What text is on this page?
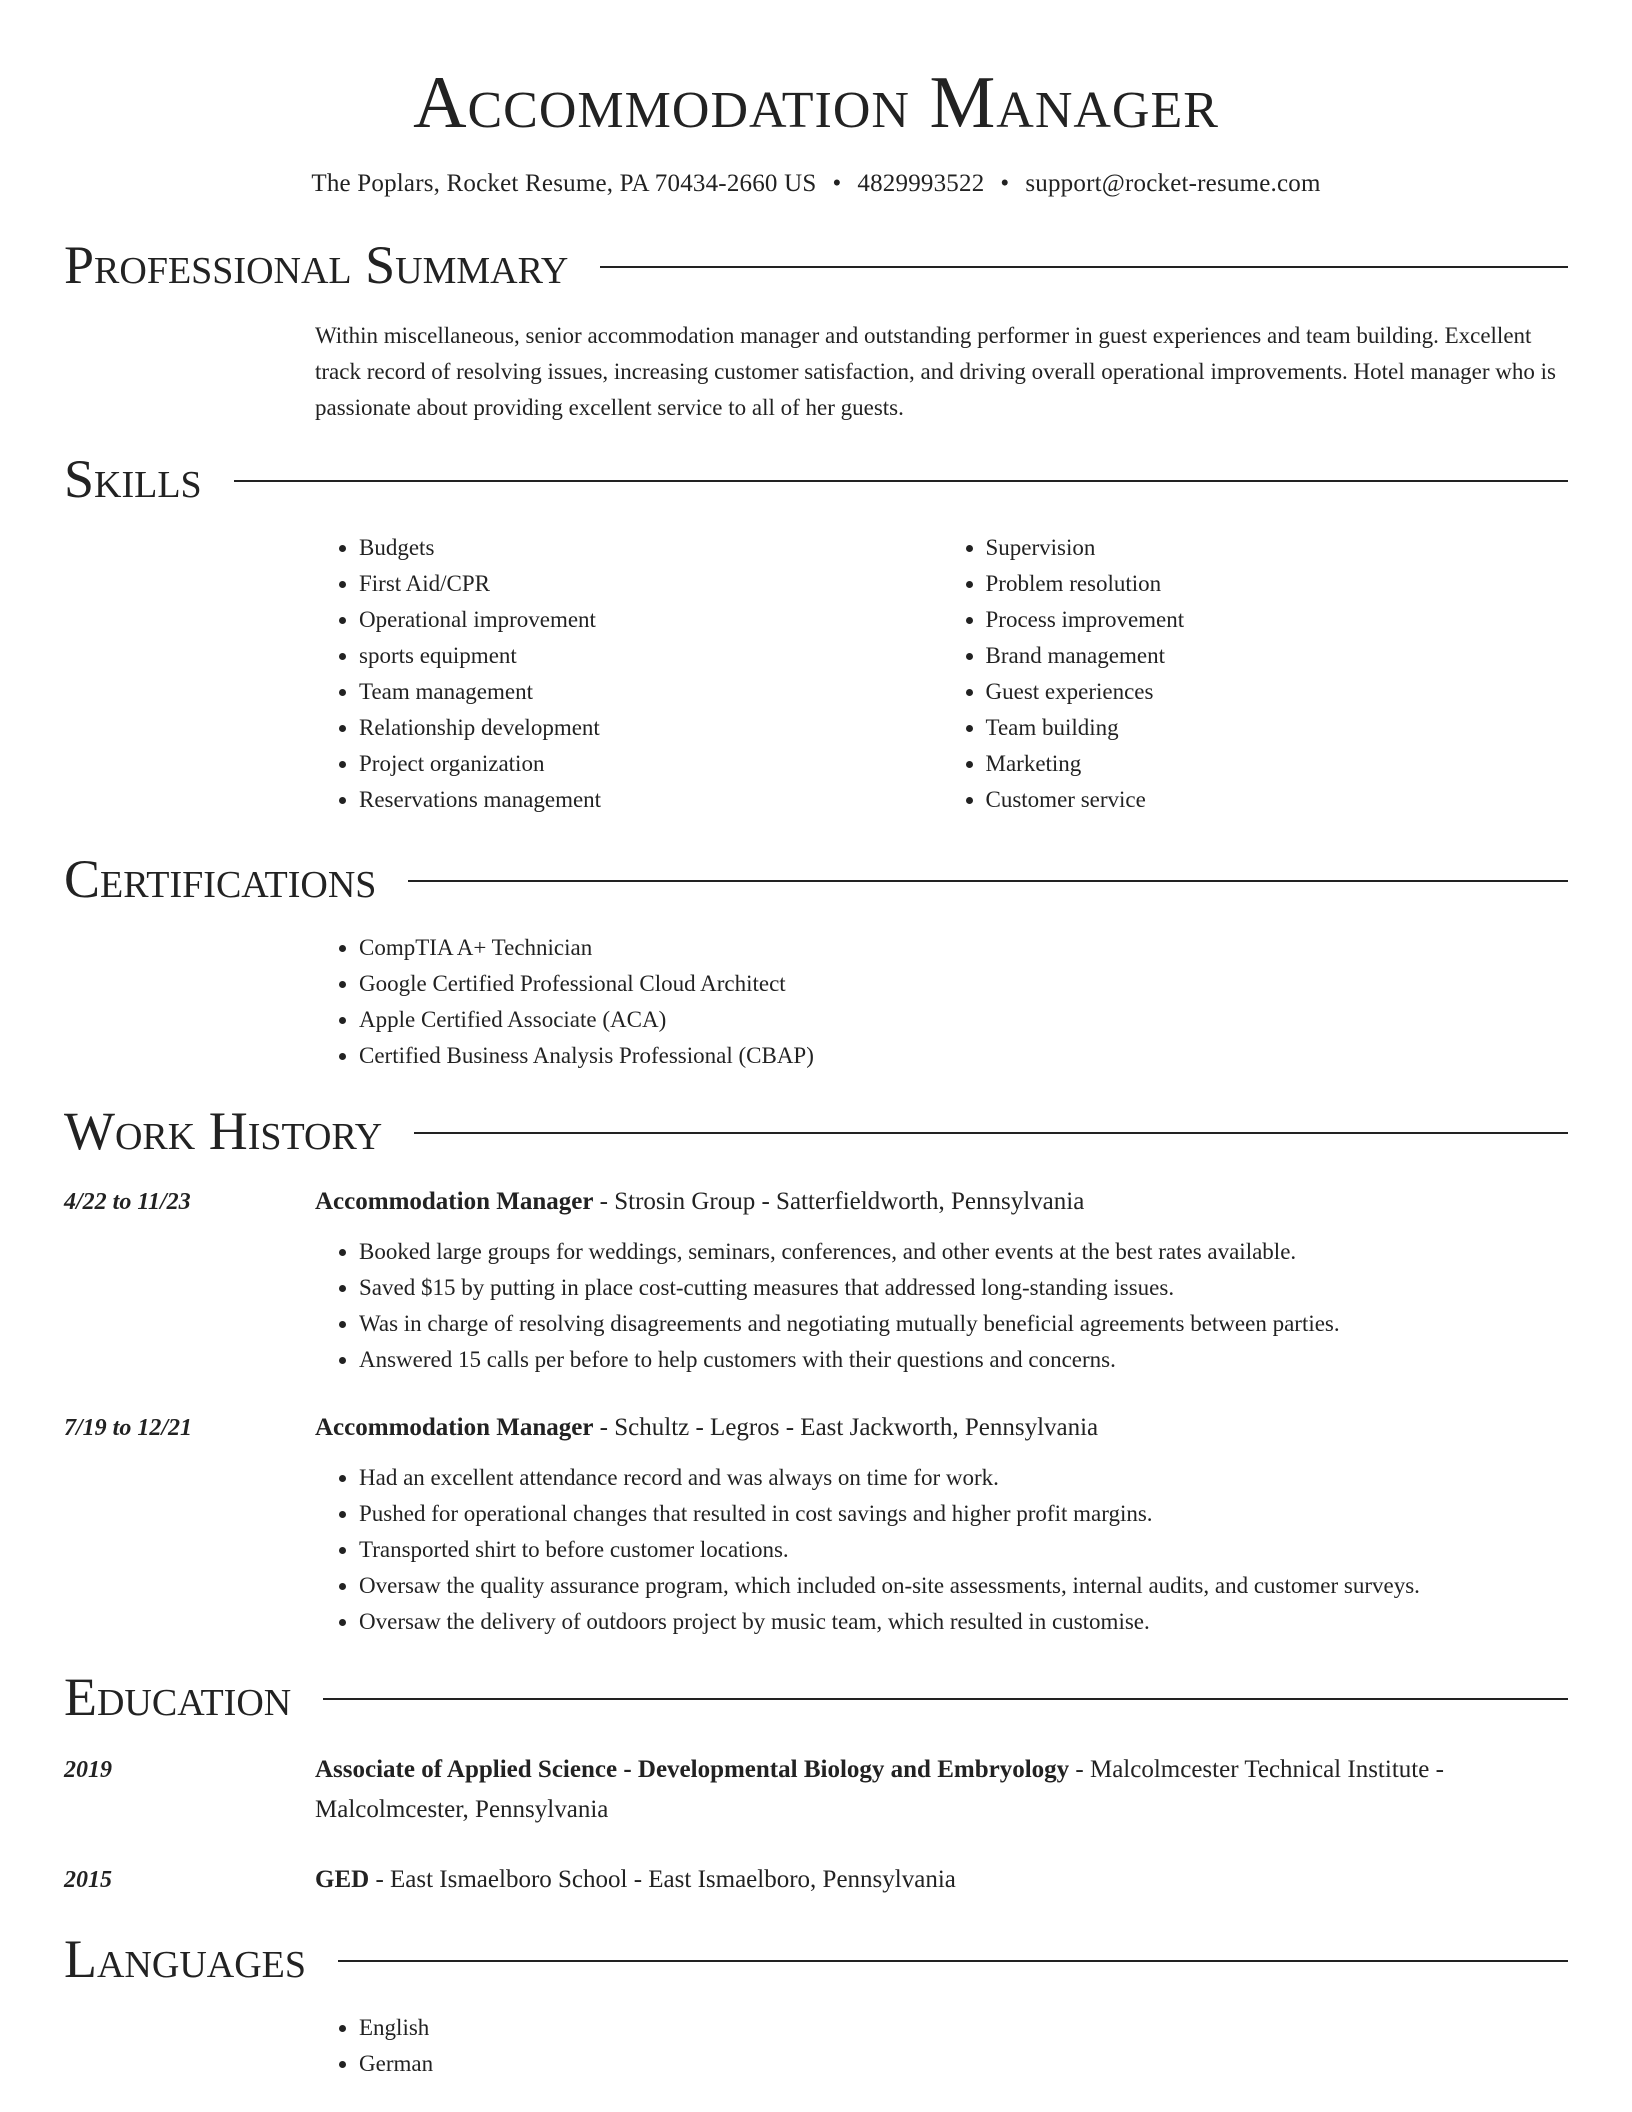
Accommodation Manager
The Poplars, Rocket Resume, PA 70434-2660 US • 4829993522 • support@rocket-resume.com
Professional Summary
Within miscellaneous, senior accommodation manager and outstanding performer in guest experiences and team building. Excellent track record of resolving issues, increasing customer satisfaction, and driving overall operational improvements. Hotel manager who is passionate about providing excellent service to all of her guests.
Skills
• Budgets
• First Aid/CPR
• Operational improvement
• sports equipment
• Team management
• Relationship development
• Project organization
• Reservations management
• Supervision
• Problem resolution
• Process improvement
• Brand management
• Guest experiences
• Team building
• Marketing
• Customer service
Certifications
• CompTIA A+ Technician
• Google Certified Professional Cloud Architect
• Apple Certified Associate (ACA)
• Certified Business Analysis Professional (CBAP)
Work History
4/22 to 11/23	Accommodation Manager - Strosin Group - Satterfieldworth, Pennsylvania
• Booked large groups for weddings, seminars, conferences, and other events at the best rates available.
• Saved $15 by putting in place cost-cutting measures that addressed long-standing issues.
• Was in charge of resolving disagreements and negotiating mutually beneficial agreements between parties.
• Answered 15 calls per before to help customers with their questions and concerns.
7/19 to 12/21	Accommodation Manager - Schultz - Legros - East Jackworth, Pennsylvania
• Had an excellent attendance record and was always on time for work.
• Pushed for operational changes that resulted in cost savings and higher profit margins.
• Transported shirt to before customer locations.
• Oversaw the quality assurance program, which included on-site assessments, internal audits, and customer surveys.
• Oversaw the delivery of outdoors project by music team, which resulted in customise.
Education
2019	Associate of Applied Science - Developmental Biology and Embryology - Malcolmcester Technical Institute - Malcolmcester, Pennsylvania
2015	GED - East Ismaelboro School - East Ismaelboro, Pennsylvania
Languages
• English
• German
